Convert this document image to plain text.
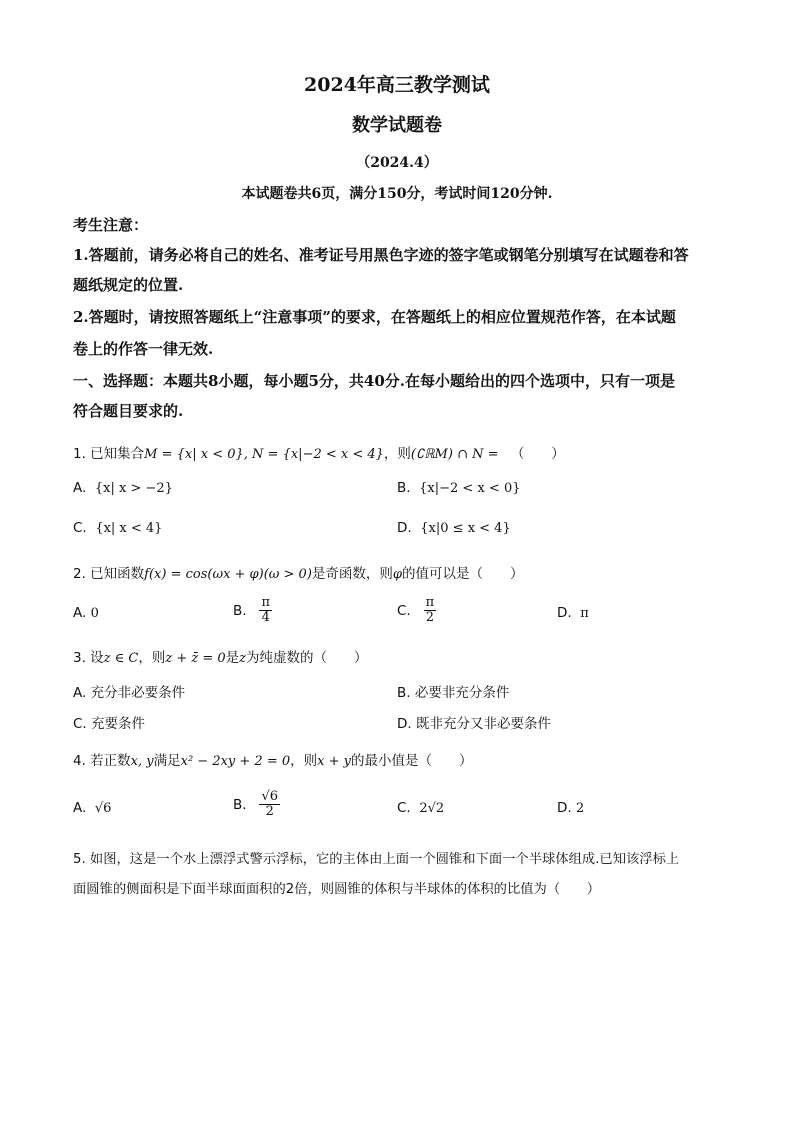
2024年高三教学测试
数学试题卷
（2024.4）
本试题卷共6页，满分150分，考试时间120分钟.
考生注意：
1.答题前，请务必将自己的姓名、准考证号用黑色字迹的签字笔或钢笔分别填写在试题卷和答
题纸规定的位置.
2.答题时，请按照答题纸上“注意事项”的要求，在答题纸上的相应位置规范作答，在本试题
卷上的作答一律无效.
一、选择题：本题共8小题，每小题5分，共40分.在每小题给出的四个选项中，只有一项是
符合题目要求的.
1. 已知集合M = {x| x < 0}, N = {x|−2 < x < 4}，则(∁ℝM) ∩ N = （　　）
A. {x| x > −2}	B. {x|−2 < x < 0}
C. {x| x < 4}	D. {x|0 ≤ x < 4}
2. 已知函数f(x) = cos(ωx + φ)(ω > 0)是奇函数，则φ的值可以是（　　）
A. 0	B. $\frac{\pi}{4}$	C. $\frac{\pi}{2}$	D. π
3. 设z ∈ C，则z + z̄ = 0是z为纯虚数的（　　）
A. 充分非必要条件	B. 必要非充分条件
C. 充要条件	D. 既非充分又非必要条件
4. 若正数x, y满足x² − 2xy + 2 = 0，则x + y的最小值是（　　）
A. √6	B. $\frac{√6}{2}$	C. 2√2	D. 2
5. 如图，这是一个水上漂浮式警示浮标，它的主体由上面一个圆锥和下面一个半球体组成.已知该浮标上
面圆锥的侧面积是下面半球面面积的2倍，则圆锥的体积与半球体的体积的比值为（　　）
